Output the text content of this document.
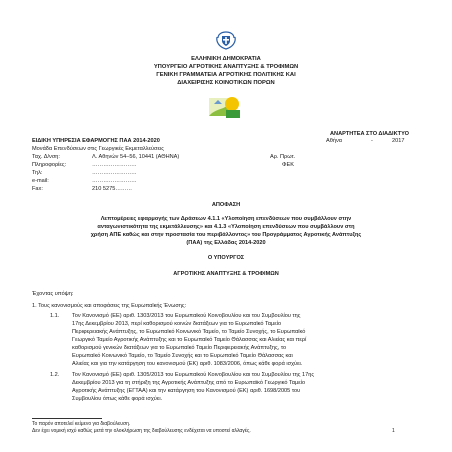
ΕΛΛΗΝΙΚΗ ΔΗΜΟΚΡΑΤΙΑ
ΥΠΟΥΡΓΕΙΟ ΑΓΡΟΤΙΚΗΣ ΑΝΑΠΤΥΞΗΣ & ΤΡΟΦΙΜΩΝ
ΓΕΝΙΚΗ ΓΡΑΜΜΑΤΕΙΑ ΑΓΡΟΤΙΚΗΣ ΠΟΛΙΤΙΚΗΣ ΚΑΙ
ΔΙΑΧΕΙΡΙΣΗΣ ΚΟΙΝΟΤΙΚΩΝ ΠΟΡΩΝ
ΑΝΑΡΤΗΤΕΑ ΣΤΟ ΔΙΑΔΙΚΤΥΟ
ΕΙΔΙΚΗ ΥΠΗΡΕΣΙΑ ΕΦΑΡΜΟΓΗΣ ΠΑΑ 2014-2020
Μονάδα Επενδύσεων στις Γεωργικές Εκμεταλλεύσεις
Αθήνα	-	2017
Ταχ. Δ/νση:	Λ. Αθηνών 54–56, 10441 (ΑΘΗΝΑ)	Αρ. Πρωτ.
Πληροφορίες:	……………………	ΦΕΚ
Τηλ:	……………………
e-mail:	……………………
Fax:	210 5275………
ΑΠΟΦΑΣΗ
Λεπτομέρειες εφαρμογής των Δράσεων 4.1.1 «Υλοποίηση επενδύσεων που συμβάλλουν στην
ανταγωνιστικότητα της εκμετάλλευσης» και 4.1.3 «Υλοποίηση επενδύσεων που συμβάλλουν στη
χρήση ΑΠΕ καθώς και στην προστασία του περιβάλλοντος» του Προγράμματος Αγροτικής Ανάπτυξης
(ΠΑΑ) της Ελλάδας 2014-2020
Ο ΥΠΟΥΡΓΟΣ
ΑΓΡΟΤΙΚΗΣ ΑΝΑΠΤΥΞΗΣ & ΤΡΟΦΙΜΩΝ
Έχοντας υπόψη:
1. Τους κανονισμούς και αποφάσεις της Ευρωπαϊκής Ένωσης:
1.1. Τον Κανονισμό (ΕΕ) αριθ. 1303/2013 του Ευρωπαϊκού Κοινοβουλίου και του Συμβουλίου της
17ης Δεκεμβρίου 2013, περί καθορισμού κοινών διατάξεων για το Ευρωπαϊκό Ταμείο
Περιφερειακής Ανάπτυξης, το Ευρωπαϊκό Κοινωνικό Ταμείο, το Ταμείο Συνοχής, το Ευρωπαϊκό
Γεωργικό Ταμείο Αγροτικής Ανάπτυξης και το Ευρωπαϊκό Ταμείο Θάλασσας και Αλιείας και περί
καθορισμού γενικών διατάξεων για το Ευρωπαϊκό Ταμείο Περιφερειακής Ανάπτυξης, το
Ευρωπαϊκό Κοινωνικό Ταμείο, το Ταμείο Συνοχής και το Ευρωπαϊκό Ταμείο Θάλασσας και
Αλιείας και για την κατάργηση του κανονισμού (ΕΚ) αριθ. 1083/2006, όπως κάθε φορά ισχύει.
1.2. Τον Κανονισμό (ΕΕ) αριθ. 1305/2013 του Ευρωπαϊκού Κοινοβουλίου και του Συμβουλίου της 17ης
Δεκεμβρίου 2013 για τη στήριξη της Αγροτικής Ανάπτυξης από το Ευρωπαϊκό Γεωργικό Ταμείο
Αγροτικής Ανάπτυξης (ΕΓΤΑΑ) και την κατάργηση του Κανονισμού (ΕΚ) αριθ. 1698/2005 του
Συμβουλίου όπως κάθε φορά ισχύει.
Το παρόν αποτελεί κείμενο για διαβούλευση.
Δεν έχει νομική ισχύ καθώς μετά την ολοκλήρωση της διαβούλευσης ενδέχεται να υποστεί αλλαγές.	1
